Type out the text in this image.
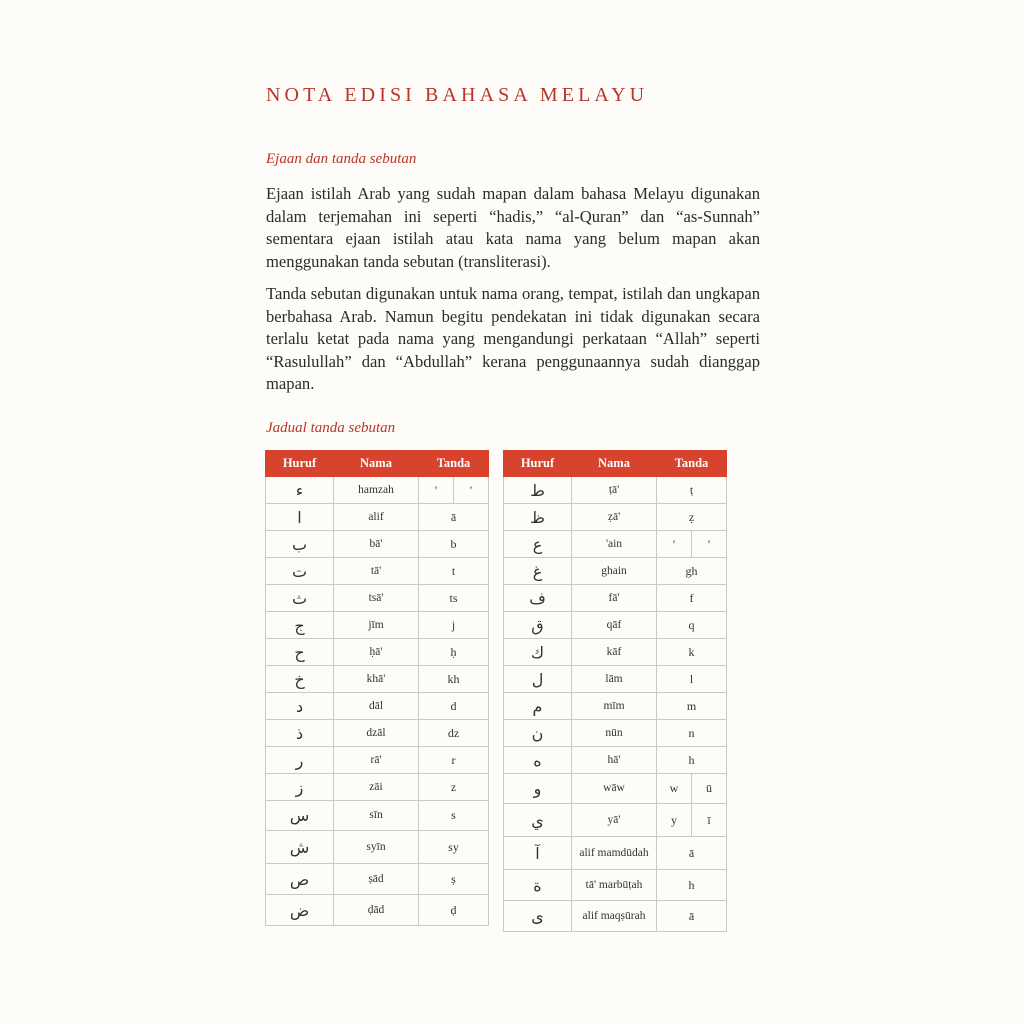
NOTA EDISI BAHASA MELAYU

Ejaan dan tanda sebutan

Ejaan istilah Arab yang sudah mapan dalam bahasa Melayu digunakan dalam terjemahan ini seperti “hadis,” “al-Quran” dan “as-Sunnah” sementara ejaan istilah atau kata nama yang belum mapan akan menggunakan tanda sebutan (transliterasi).

Tanda sebutan digunakan untuk nama orang, tempat, istilah dan ungkapan berbahasa Arab. Namun begitu pendekatan ini tidak digunakan secara terlalu ketat pada nama yang mengandungi perkataan “Allah” seperti “Rasulullah” dan “Abdullah” kerana penggunaannya sudah dianggap mapan.

Jadual tanda sebutan

Huruf	Nama	Tanda	
ء	hamzah	'	'
ا	alif	ā	
ب	bā'	b	
ت	tā'	t	
ث	tsā'	ts	
ج	jīm	j	
ح	ḥā'	ḥ	
خ	khā'	kh	
د	dāl	d	
ذ	dzāl	dz	
ر	rā'	r	
ز	zāi	z	
س	sīn	s	
ش	syīn	sy	
ص	ṣād	ṣ	
ض	ḍād	ḍ	
Huruf	Nama	Tanda	
ط	ṭā'	ṭ	
ظ	ẓā'	ẓ	
ع	'ain	'	'
غ	ghain	gh	
ف	fā'	f	
ق	qāf	q	
ك	kāf	k	
ل	lām	l	
م	mīm	m	
ن	nūn	n	
ه	hā'	h	
و	wāw	w	ū
ي	yā'	y	ī
آ	alif mamdūdah	ā	
ة	tā' marbūṭah	h	
ى	alif maqṣūrah	ā	
